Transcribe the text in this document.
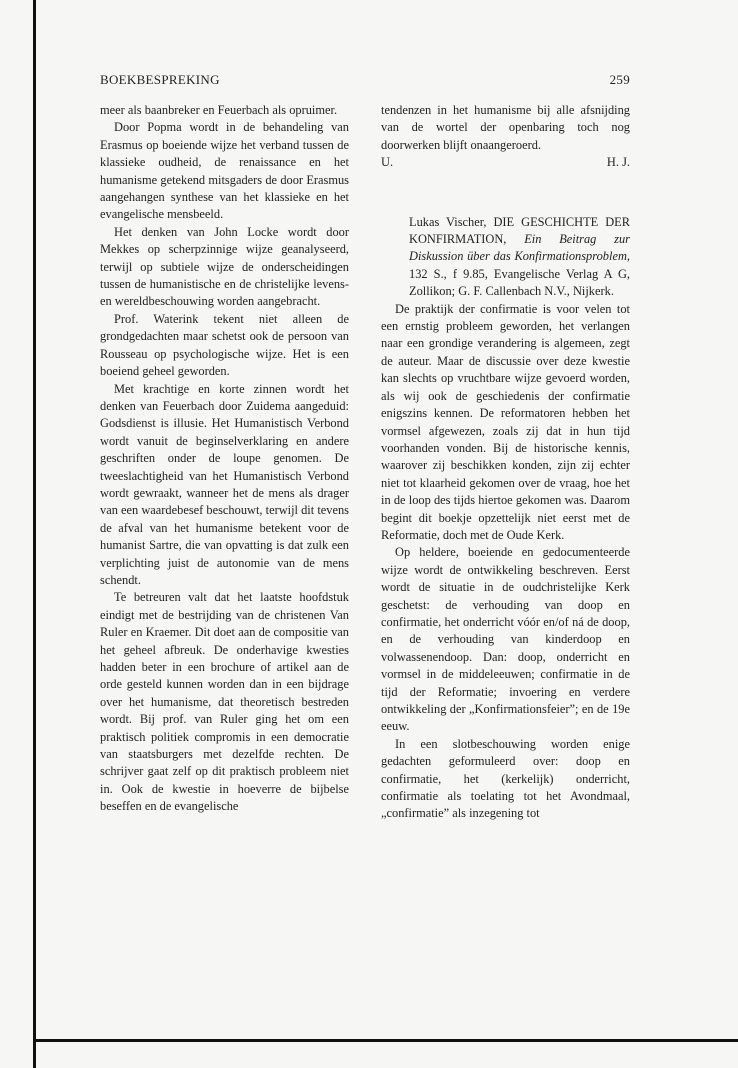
BOEKBESPREKING	259

meer als baanbreker en Feuerbach als opruimer.

Door Popma wordt in de behandeling van Erasmus op boeiende wijze het verband tussen de klassieke oudheid, de renaissance en het humanisme getekend mitsgaders de door Erasmus aangehangen synthese van het klassieke en het evangelische mensbeeld.

Het denken van John Locke wordt door Mekkes op scherpzinnige wijze geanalyseerd, terwijl op subtiele wijze de onderscheidingen tussen de humanistische en de christelijke levens- en wereldbeschouwing worden aangebracht.

Prof. Waterink tekent niet alleen de grondgedachten maar schetst ook de persoon van Rousseau op psychologische wijze. Het is een boeiend geheel geworden.

Met krachtige en korte zinnen wordt het denken van Feuerbach door Zuidema aangeduid: Godsdienst is illusie. Het Humanistisch Verbond wordt vanuit de beginselverklaring en andere geschriften onder de loupe genomen. De tweeslachtigheid van het Humanistisch Verbond wordt gewraakt, wanneer het de mens als drager van een waardebesef beschouwt, terwijl dit tevens de afval van het humanisme betekent voor de humanist Sartre, die van opvatting is dat zulk een verplichting juist de autonomie van de mens schendt.

Te betreuren valt dat het laatste hoofdstuk eindigt met de bestrijding van de christenen Van Ruler en Kraemer. Dit doet aan de compositie van het geheel afbreuk. De onderhavige kwesties hadden beter in een brochure of artikel aan de orde gesteld kunnen worden dan in een bijdrage over het humanisme, dat theoretisch bestreden wordt. Bij prof. van Ruler ging het om een praktisch politiek compromis in een democratie van staatsburgers met dezelfde rechten. De schrijver gaat zelf op dit praktisch probleem niet in. Ook de kwestie in hoeverre de bijbelse beseffen en de evangelische

tendenzen in het humanisme bij alle afsnijding van de wortel der openbaring toch nog doorwerken blijft onaangeroerd.

U.	H. J.
Lukas Vischer, DIE GESCHICHTE DER KONFIRMATION, Ein Beitrag zur Diskussion über das Konfirmationsproblem, 132 S., f 9.85, Evangelische Verlag A G, Zollikon; G. F. Callenbach N.V., Nijkerk.

De praktijk der confirmatie is voor velen tot een ernstig probleem geworden, het verlangen naar een grondige verandering is algemeen, zegt de auteur. Maar de discussie over deze kwestie kan slechts op vruchtbare wijze gevoerd worden, als wij ook de geschiedenis der confirmatie enigszins kennen. De reformatoren hebben het vormsel afgewezen, zoals zij dat in hun tijd voorhanden vonden. Bij de historische kennis, waarover zij beschikken konden, zijn zij echter niet tot klaarheid gekomen over de vraag, hoe het in de loop des tijds hiertoe gekomen was. Daarom begint dit boekje opzettelijk niet eerst met de Reformatie, doch met de Oude Kerk.

Op heldere, boeiende en gedocumenteerde wijze wordt de ontwikkeling beschreven. Eerst wordt de situatie in de oudchristelijke Kerk geschetst: de verhouding van doop en confirmatie, het onderricht vóór en/of ná de doop, en de verhouding van kinderdoop en volwassenendoop. Dan: doop, onderricht en vormsel in de middeleeuwen; confirmatie in de tijd der Reformatie; invoering en verdere ontwikkeling der „Konfirmationsfeier”; en de 19e eeuw.

In een slotbeschouwing worden enige gedachten geformuleerd over: doop en confirmatie, het (kerkelijk) onderricht, confirmatie als toelating tot het Avondmaal, „confirmatie” als inzegening tot
